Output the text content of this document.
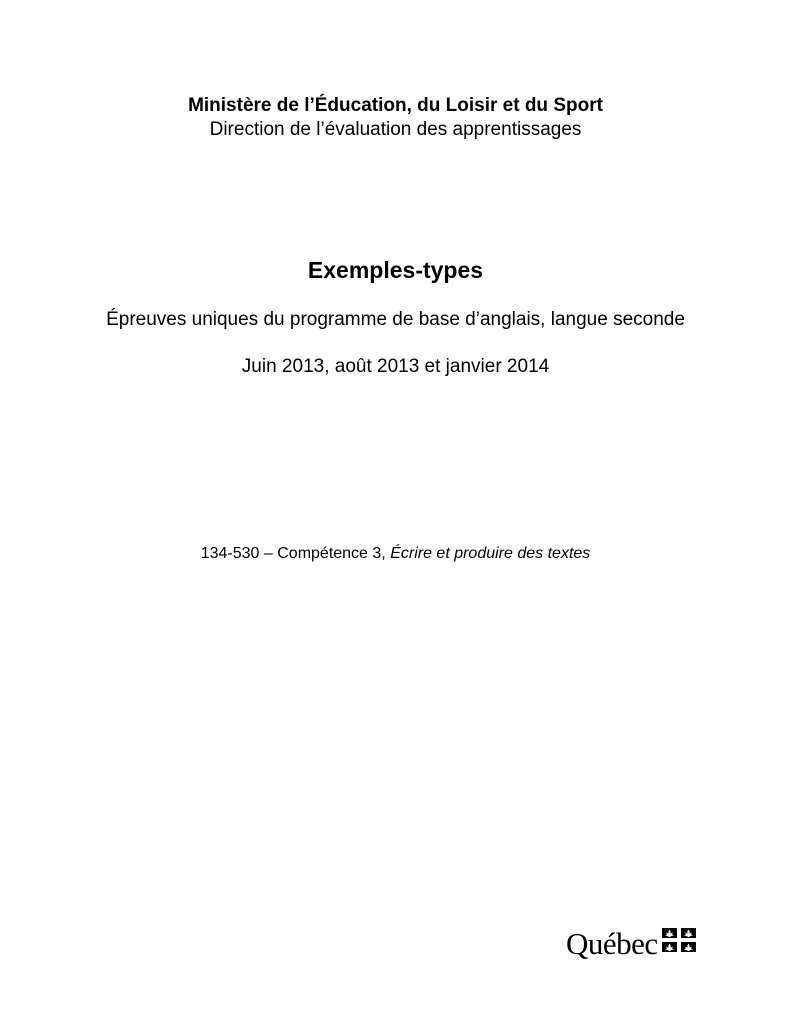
Ministère de l’Éducation, du Loisir et du Sport
Direction de l’évaluation des apprentissages
Exemples-types
Épreuves uniques du programme de base d’anglais, langue seconde
Juin 2013, août 2013 et janvier 2014
134-530 – Compétence 3, Écrire et produire des textes
Québec
